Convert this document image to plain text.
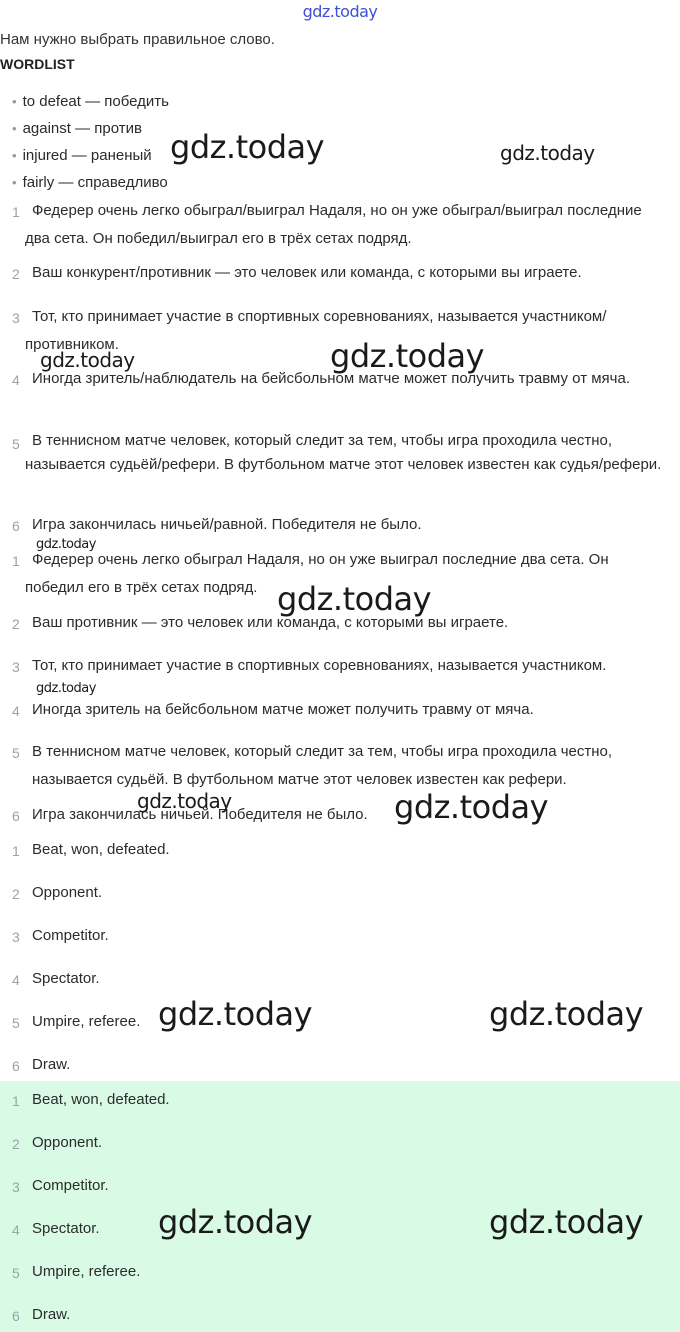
gdz.today
Нам нужно выбрать правильное слово.
WORDLIST
• to defeat — победить
• against — против
• injured — раненый
• fairly — справедливо
1 Федерер очень легко обыграл/выиграл Надаля, но он уже обыграл/выиграл последние два сета. Он победил/выиграл его в трёх сетах подряд.
2 Ваш конкурент/противник — это человек или команда, с которыми вы играете.
3 Тот, кто принимает участие в спортивных соревнованиях, называется участником/противником.
4 Иногда зритель/наблюдатель на бейсбольном матче может получить травму от мяча.
5 В теннисном матче человек, который следит за тем, чтобы игра проходила честно, называется судьёй/рефери. В футбольном матче этот человек известен как судья/рефери.
6 Игра закончилась ничьей/равной. Победителя не было.
1 Федерер очень легко обыграл Надаля, но он уже выиграл последние два сета. Он победил его в трёх сетах подряд.
2 Ваш противник — это человек или команда, с которыми вы играете.
3 Тот, кто принимает участие в спортивных соревнованиях, называется участником.
4 Иногда зритель на бейсбольном матче может получить травму от мяча.
5 В теннисном матче человек, который следит за тем, чтобы игра проходила честно, называется судьёй. В футбольном матче этот человек известен как рефери.
6 Игра закончилась ничьей. Победителя не было.
1 Beat, won, defeated.
2 Opponent.
3 Competitor.
4 Spectator.
5 Umpire, referee.
6 Draw.
1 Beat, won, defeated.
2 Opponent.
3 Competitor.
4 Spectator.
5 Umpire, referee.
6 Draw.
gdz.today	gdz.today
gdz.today	gdz.today
gdz.today
gdz.today
gdz.today
gdz.today	gdz.today
gdz.today	gdz.today
gdz.today	gdz.today
